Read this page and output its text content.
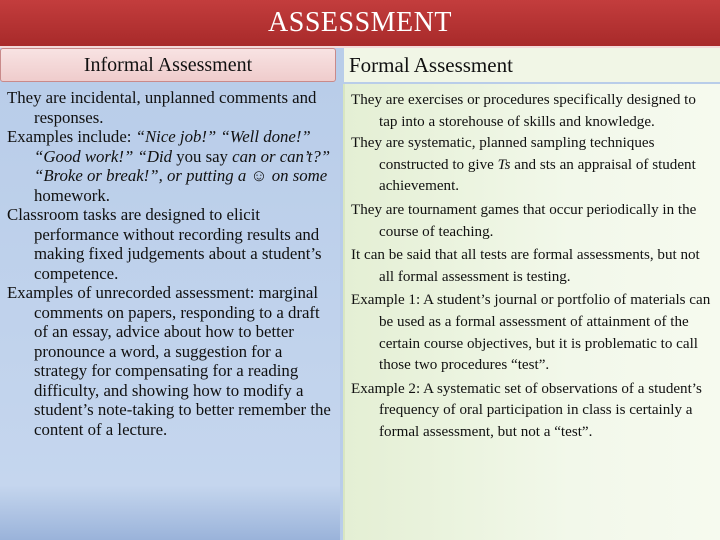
ASSESSMENT
Informal Assessment	Formal Assessment

They are incidental, unplanned comments and responses.

Examples include: “Nice job!” “Well done!” “Good work!” “Did you say can or can’t?” “Broke or break!”, or putting a ☺ on some homework.

Classroom tasks are designed to elicit performance without recording results and making fixed judgements about a student’s competence.

Examples of unrecorded assessment: marginal comments on papers, responding to a draft of an essay, advice about how to better pronounce a word, a suggestion for a strategy for compensating for a reading difficulty, and showing how to modify a student’s note-taking to better remember the content of a lecture.

They are exercises or procedures specifically designed to tap into a storehouse of skills and knowledge.

They are systematic, planned sampling techniques constructed to give Ts and sts an appraisal of student achievement.

They are tournament games that occur periodically in the course of teaching.

It can be said that all tests are formal assessments, but not all formal assessment is testing.

Example 1: A student’s journal or portfolio of materials can be used as a formal assessment of attainment of the certain course objectives, but it is problematic to call those two procedures “test”.

Example 2: A systematic set of observations of a student’s frequency of oral participation in class is certainly a formal assessment, but not a “test”.
